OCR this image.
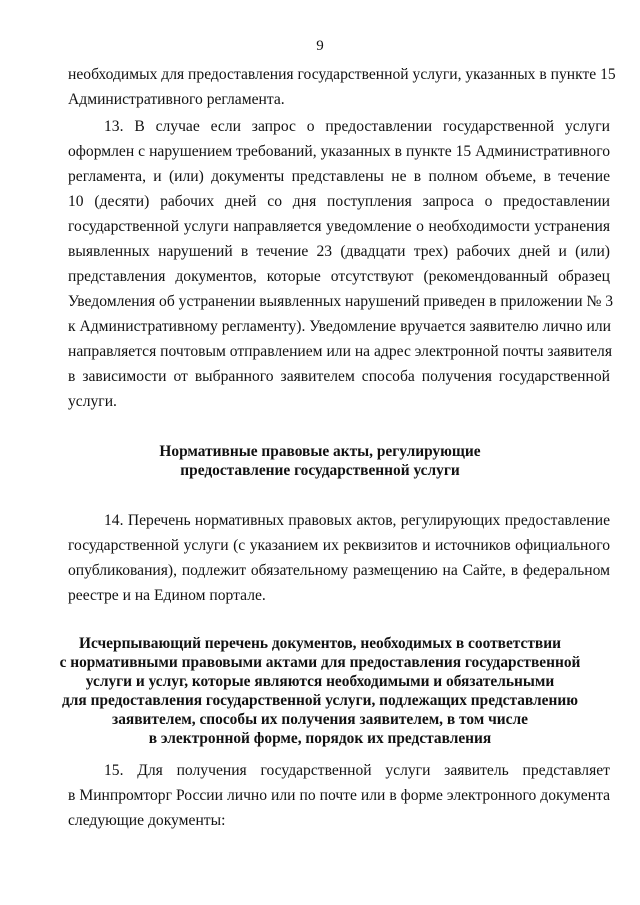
9
необходимых для предоставления государственной услуги, указанных в пункте 15
Административного регламента.
13. В случае если запрос о предоставлении государственной услуги
оформлен с нарушением требований, указанных в пункте 15 Административного
регламента, и (или) документы представлены не в полном объеме, в течение
10 (десяти) рабочих дней со дня поступления запроса о предоставлении
государственной услуги направляется уведомление о необходимости устранения
выявленных нарушений в течение 23 (двадцати трех) рабочих дней и (или)
представления документов, которые отсутствуют (рекомендованный образец
Уведомления об устранении выявленных нарушений приведен в приложении № 3
к Административному регламенту). Уведомление вручается заявителю лично или
направляется почтовым отправлением или на адрес электронной почты заявителя
в зависимости от выбранного заявителем способа получения государственной
услуги.
Нормативные правовые акты, регулирующие
предоставление государственной услуги
14. Перечень нормативных правовых актов, регулирующих предоставление
государственной услуги (с указанием их реквизитов и источников официального
опубликования), подлежит обязательному размещению на Сайте, в федеральном
реестре и на Едином портале.
Исчерпывающий перечень документов, необходимых в соответствии
с нормативными правовыми актами для предоставления государственной
услуги и услуг, которые являются необходимыми и обязательными
для предоставления государственной услуги, подлежащих представлению
заявителем, способы их получения заявителем, в том числе
в электронной форме, порядок их представления
15. Для получения государственной услуги заявитель представляет
в Минпромторг России лично или по почте или в форме электронного документа
следующие документы:
